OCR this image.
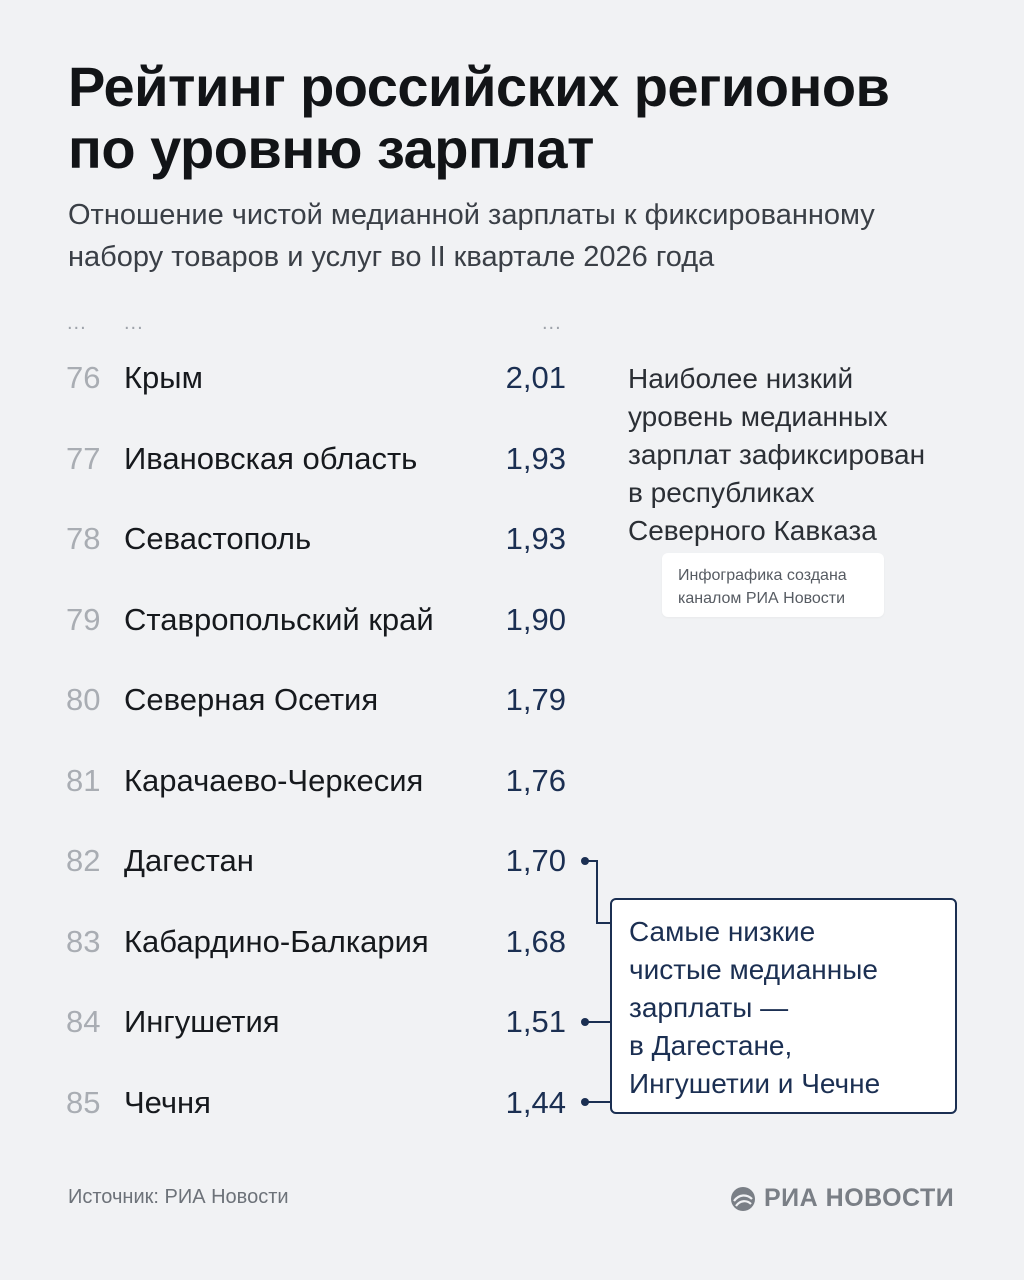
Рейтинг российских регионов
по уровню зарплат

Отношение чистой медианной зарплаты к фиксированному
набору товаров и услуг во II квартале 2026 года

... ...	...
76 Крым	2,01
77 Ивановская область	1,93
78 Севастополь	1,93
79 Ставропольский край 1,90
80 Северная Осетия	1,79
81 Карачаево-Черкесия	1,76
82 Дагестан	1,70
83 Кабардино-Балкария 1,68
84 Ингушетия	1,51
85 Чечня	1,44
Наиболее низкий
уровень медианных
зарплат зафиксирован
в республиках
Северного Кавказа
Инфографика создана
каналом РИА Новости
Самые низкие
чистые медианные
зарплаты —
в Дагестане,
Ингушетии и Чечне
Источник: РИА Новости	РИА НОВОСТИ
